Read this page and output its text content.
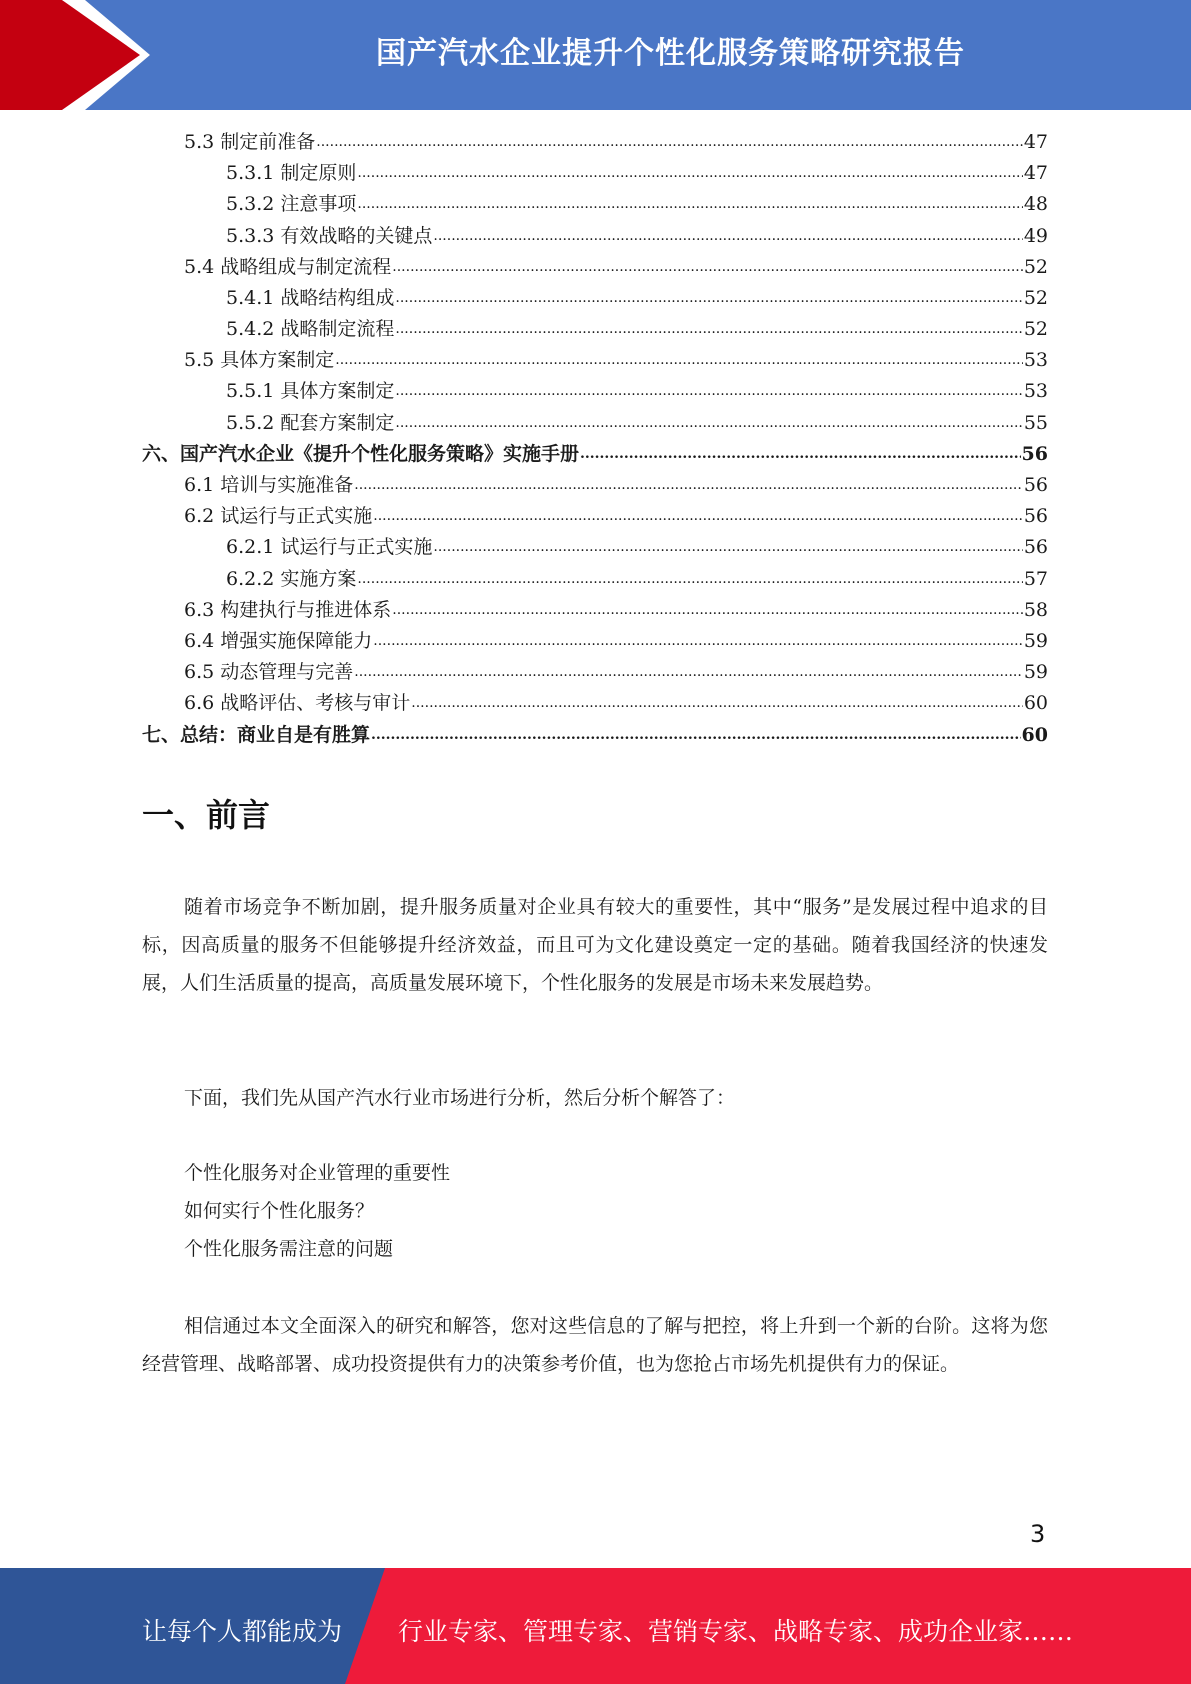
国产汽水企业提升个性化服务策略研究报告
5.3 制定前准备 .....	47
5.3.1 制定原则 .....	47
5.3.2 注意事项 .....	48
5.3.3 有效战略的关键点 .....	49
5.4 战略组成与制定流程 .....	52
5.4.1 战略结构组成 .....	52
5.4.2 战略制定流程 .....	52
5.5 具体方案制定 .....	53
5.5.1 具体方案制定 .....	53
5.5.2 配套方案制定 .....	55
六、国产汽水企业《提升个性化服务策略》实施手册 .....	56
6.1 培训与实施准备 .....	56
6.2 试运行与正式实施 .....	56
6.2.1 试运行与正式实施 .....	56
6.2.2 实施方案 .....	57
6.3 构建执行与推进体系 .....	58
6.4 增强实施保障能力 .....	59
6.5 动态管理与完善 .....	59
6.6 战略评估、考核与审计 .....	60
七、总结：商业自是有胜算 .....	60
一、前言
随着市场竞争不断加剧，提升服务质量对企业具有较大的重要性，其中“服务”是发展过程中追求的目标，因高质量的服务不但能够提升经济效益，而且可为文化建设奠定一定的基础。随着我国经济的快速发展，人们生活质量的提高，高质量发展环境下，个性化服务的发展是市场未来发展趋势。
下面，我们先从国产汽水行业市场进行分析，然后分析个解答了：
个性化服务对企业管理的重要性
如何实行个性化服务？
个性化服务需注意的问题
相信通过本文全面深入的研究和解答，您对这些信息的了解与把控，将上升到一个新的台阶。这将为您经营管理、战略部署、成功投资提供有力的决策参考价值，也为您抢占市场先机提供有力的保证。
3
让每个人都能成为 行业专家、管理专家、营销专家、战略专家、成功企业家……
